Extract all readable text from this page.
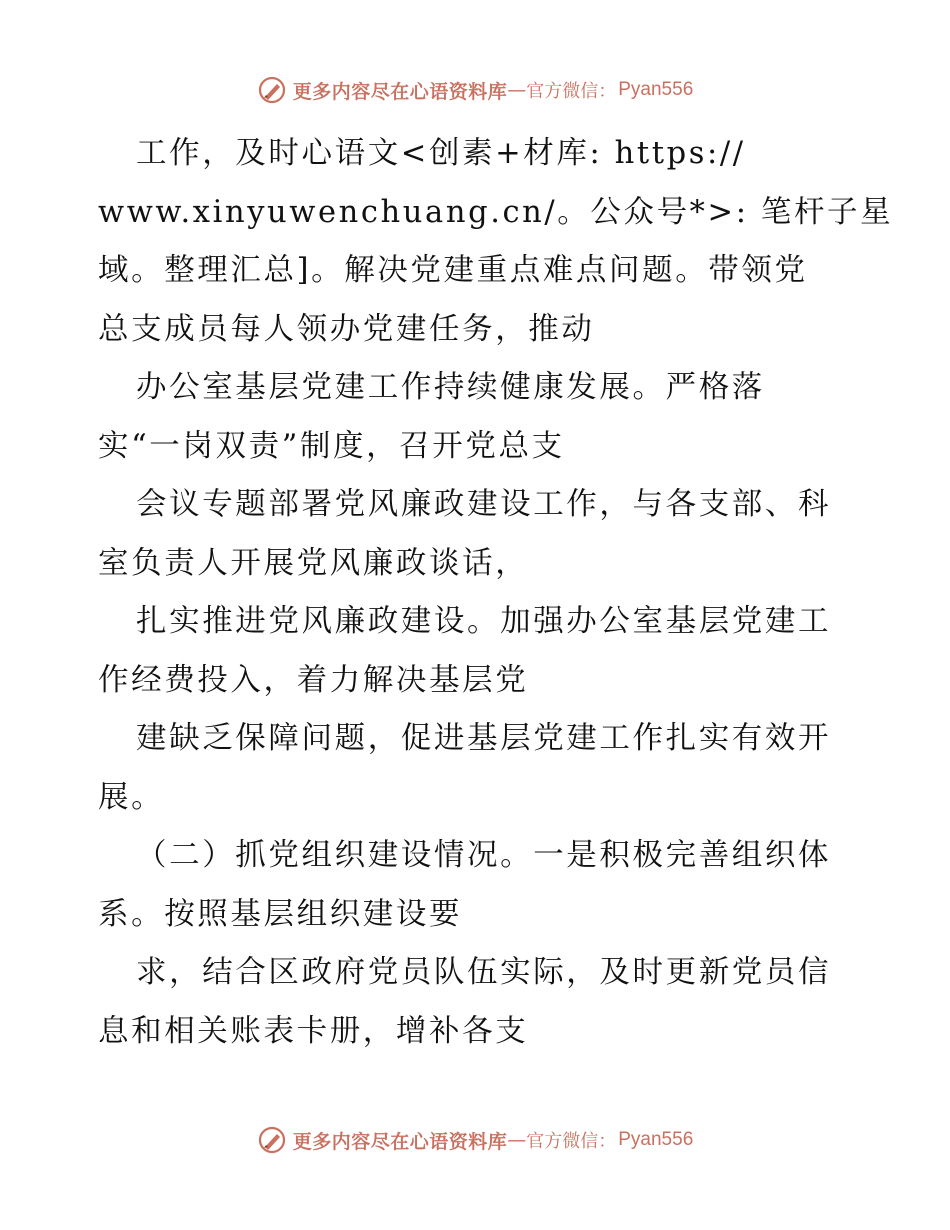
更多内容尽在心语资料库 — 官方微信： Pyan556
工作，及时心语文<创素+材库: https://
www.xinyuwenchuang.cn/。公众号*>: 笔杆子星
域。整理汇总]。解决党建重点难点问题。带领党
总支成员每人领办党建任务，推动
办公室基层党建工作持续健康发展。严格落
实“一岗双责”制度，召开党总支
会议专题部署党风廉政建设工作，与各支部、科
室负责人开展党风廉政谈话，
扎实推进党风廉政建设。加强办公室基层党建工
作经费投入，着力解决基层党
建缺乏保障问题，促进基层党建工作扎实有效开
展。
（二）抓党组织建设情况。一是积极完善组织体
系。按照基层组织建设要
求，结合区政府党员队伍实际，及时更新党员信
息和相关账表卡册，增补各支
更多内容尽在心语资料库 — 官方微信： Pyan556
